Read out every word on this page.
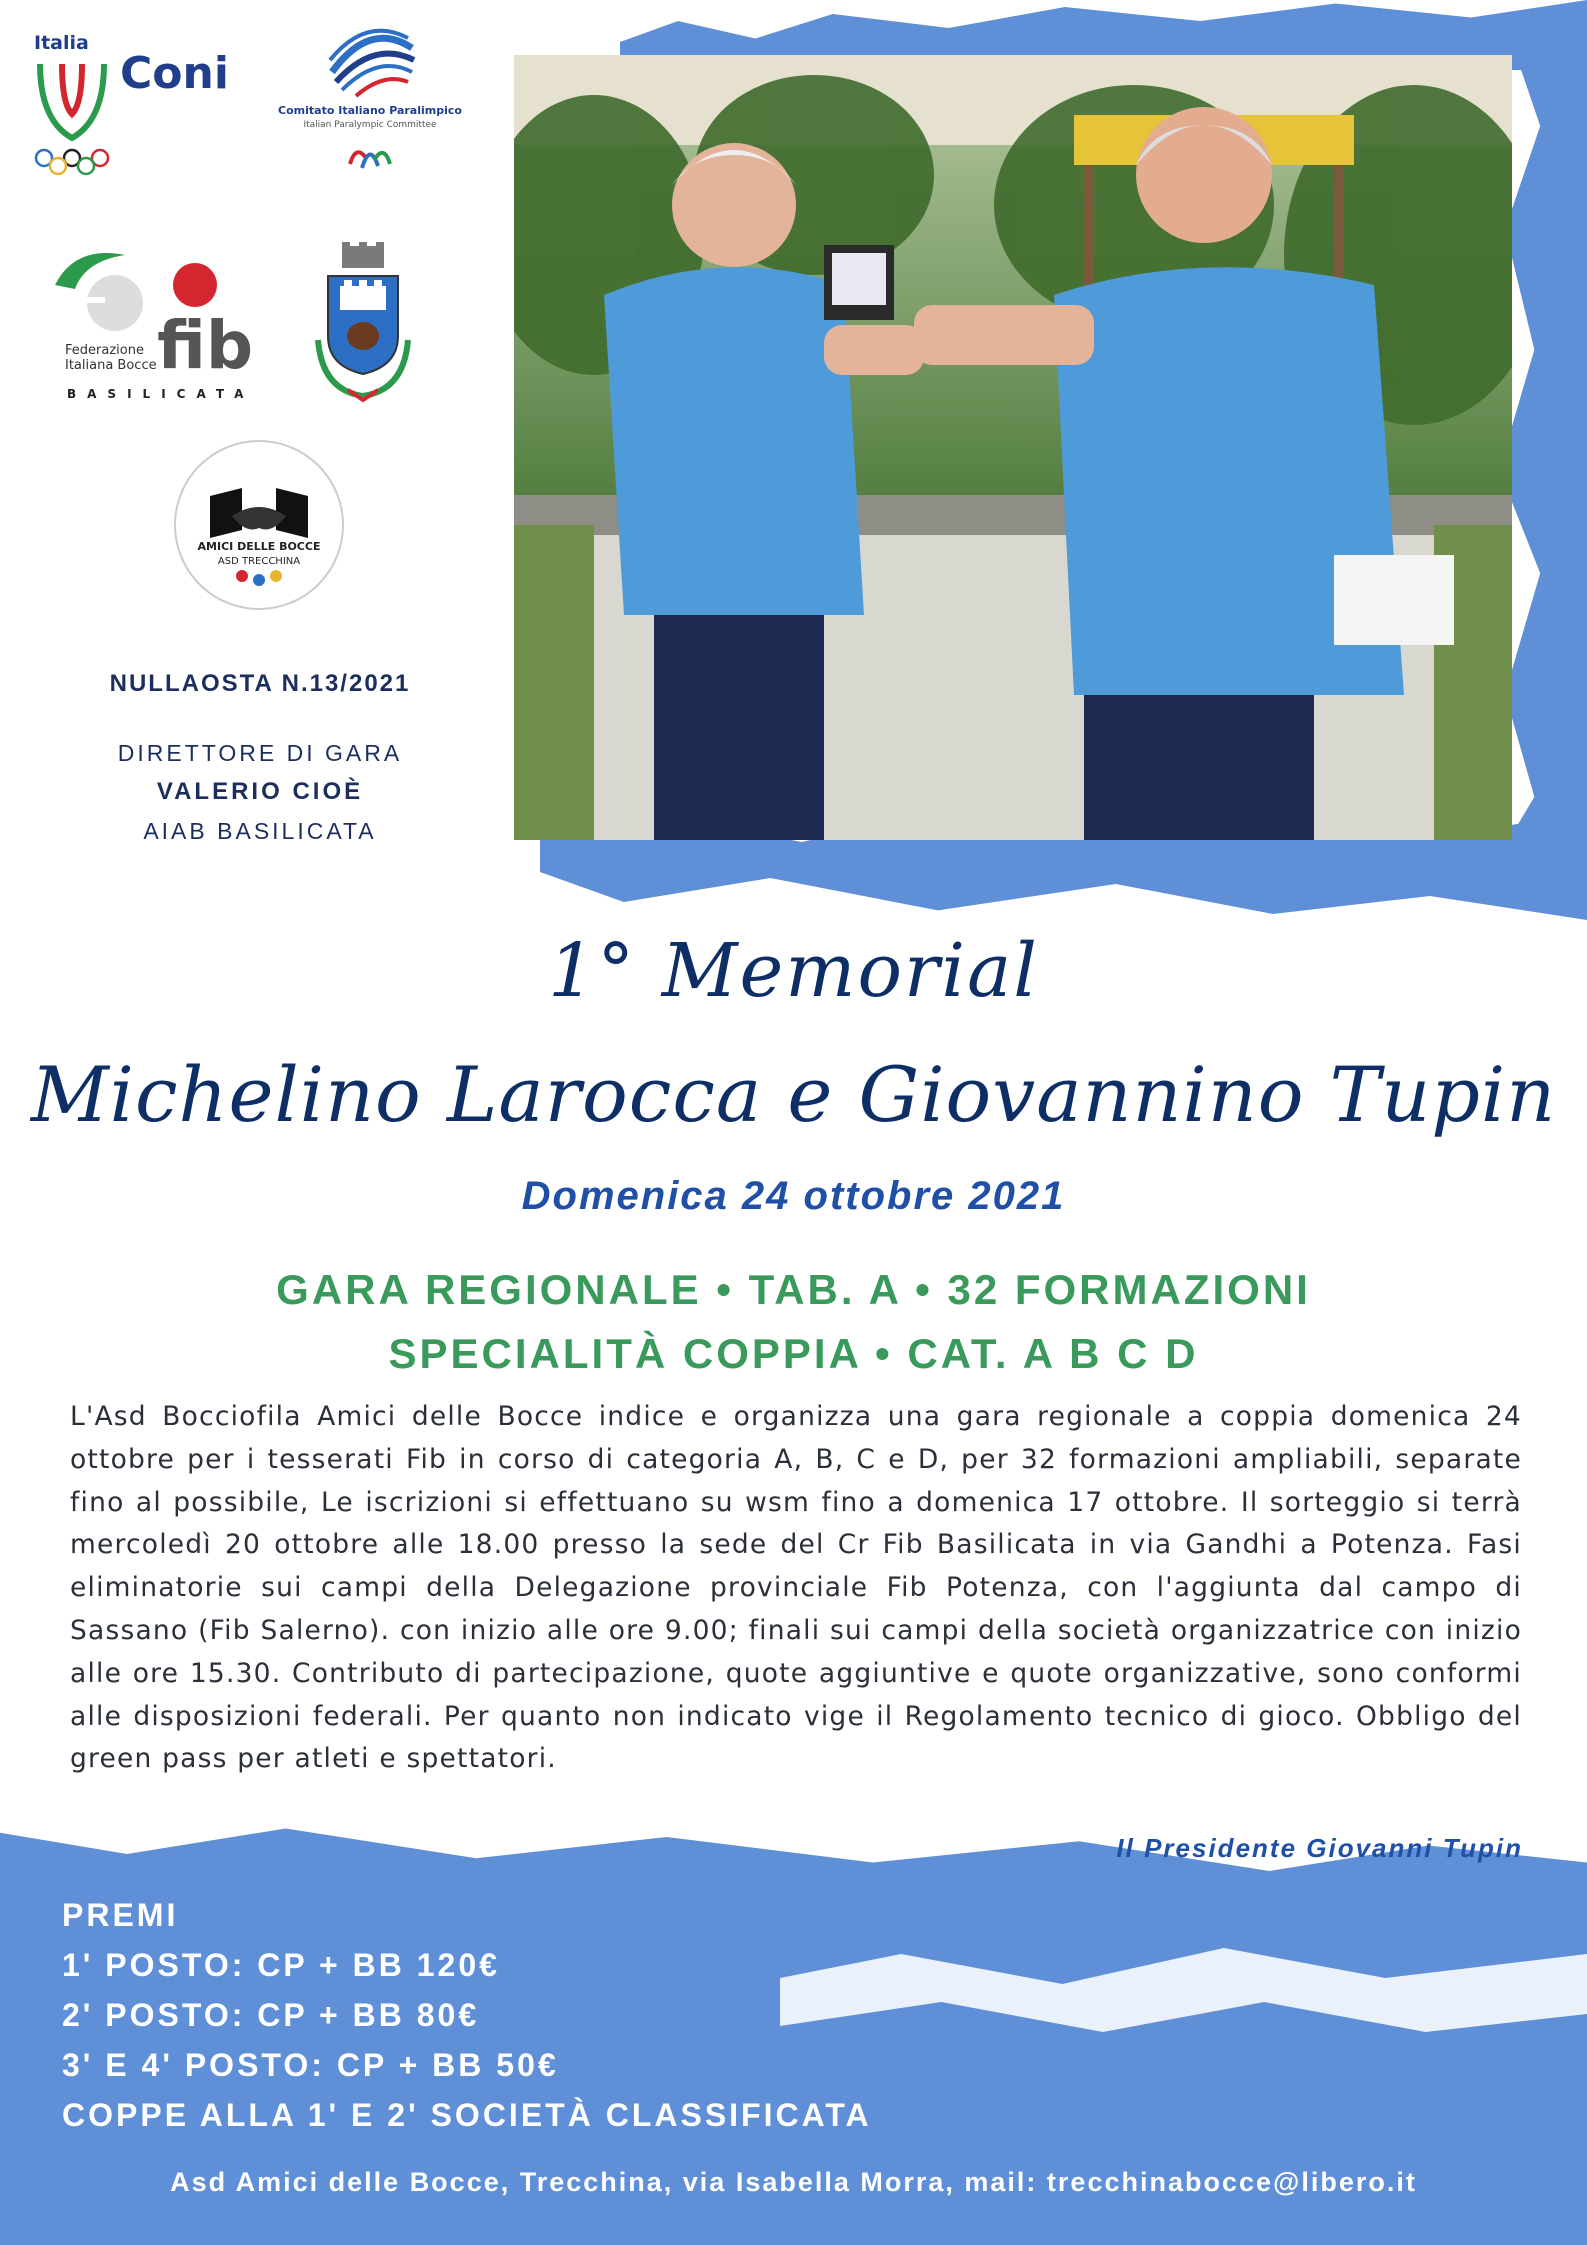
Italia
Coni
Comitato Italiano Paralimpico
Italian Paralympic Committee
fib
Federazione
Italiana Bocce
BASILICATA
AMICI DELLE BOCCE
ASD TRECCHINA
NULLAOSTA N.13/2021
DIRETTORE DI GARA
VALERIO CIOÈ
AIAB BASILICATA
1° Memorial
Michelino Larocca e Giovannino Tupin
Domenica 24 ottobre 2021
GARA REGIONALE • TAB. A • 32 FORMAZIONI
SPECIALITÀ COPPIA • CAT. A B C D
L'Asd Bocciofila Amici delle Bocce indice e organizza una gara regionale a coppia domenica 24 ottobre per i tesserati Fib in corso di categoria A, B, C e D, per 32 formazioni ampliabili, separate fino al possibile, Le iscrizioni si effettuano su wsm fino a domenica 17 ottobre. Il sorteggio si terrà mercoledì 20 ottobre alle 18.00 presso la sede del Cr Fib Basilicata in via Gandhi a Potenza. Fasi eliminatorie sui campi della Delegazione provinciale Fib Potenza, con l'aggiunta dal campo di Sassano (Fib Salerno). con inizio alle ore 9.00; finali sui campi della società organizzatrice con inizio alle ore 15.30. Contributo di partecipazione, quote aggiuntive e quote organizzative, sono conformi alle disposizioni federali. Per quanto non indicato vige il Regolamento tecnico di gioco. Obbligo del green pass per atleti e spettatori.
Il Presidente Giovanni Tupin
PREMI
1' POSTO: CP + BB 120€
2' POSTO: CP + BB 80€
3' E 4' POSTO: CP + BB 50€
COPPE ALLA 1' E 2' SOCIETÀ CLASSIFICATA
Asd Amici delle Bocce, Trecchina, via Isabella Morra, mail: trecchinabocce@libero.it
